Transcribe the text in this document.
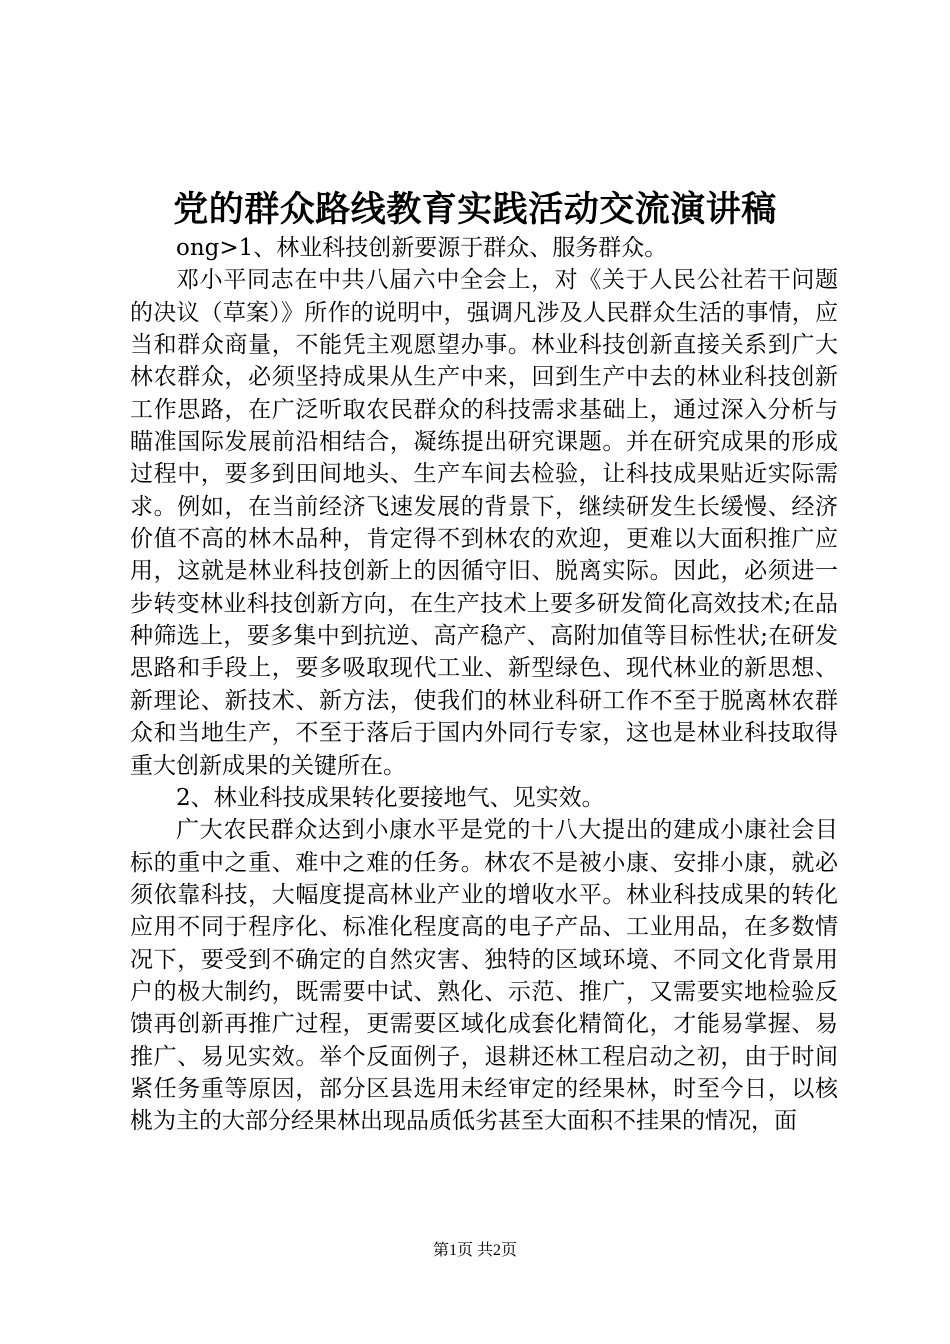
党的群众路线教育实践活动交流演讲稿

ong>1、林业科技创新要源于群众、服务群众。

邓小平同志在中共八届六中全会上，对《关于人民公社若干问题的决议（草案）》所作的说明中，强调凡涉及人民群众生活的事情，应当和群众商量，不能凭主观愿望办事。林业科技创新直接关系到广大林农群众，必须坚持成果从生产中来，回到生产中去的林业科技创新工作思路，在广泛听取农民群众的科技需求基础上，通过深入分析与瞄准国际发展前沿相结合，凝练提出研究课题。并在研究成果的形成过程中，要多到田间地头、生产车间去检验，让科技成果贴近实际需求。例如，在当前经济飞速发展的背景下，继续研发生长缓慢、经济价值不高的林木品种，肯定得不到林农的欢迎，更难以大面积推广应用，这就是林业科技创新上的因循守旧、脱离实际。因此，必须进一步转变林业科技创新方向，在生产技术上要多研发简化高效技术;在品种筛选上，要多集中到抗逆、高产稳产、高附加值等目标性状;在研发思路和手段上，要多吸取现代工业、新型绿色、现代林业的新思想、新理论、新技术、新方法，使我们的林业科研工作不至于脱离林农群众和当地生产，不至于落后于国内外同行专家，这也是林业科技取得重大创新成果的关键所在。

2、林业科技成果转化要接地气、见实效。

广大农民群众达到小康水平是党的十八大提出的建成小康社会目标的重中之重、难中之难的任务。林农不是被小康、安排小康，就必须依靠科技，大幅度提高林业产业的增收水平。林业科技成果的转化应用不同于程序化、标准化程度高的电子产品、工业用品，在多数情况下，要受到不确定的自然灾害、独特的区域环境、不同文化背景用户的极大制约，既需要中试、熟化、示范、推广，又需要实地检验反馈再创新再推广过程，更需要区域化成套化精简化，才能易掌握、易推广、易见实效。举个反面例子，退耕还林工程启动之初，由于时间紧任务重等原因，部分区县选用未经审定的经果林，时至今日，以核桃为主的大部分经果林出现品质低劣甚至大面积不挂果的情况，面

第1页 共2页
